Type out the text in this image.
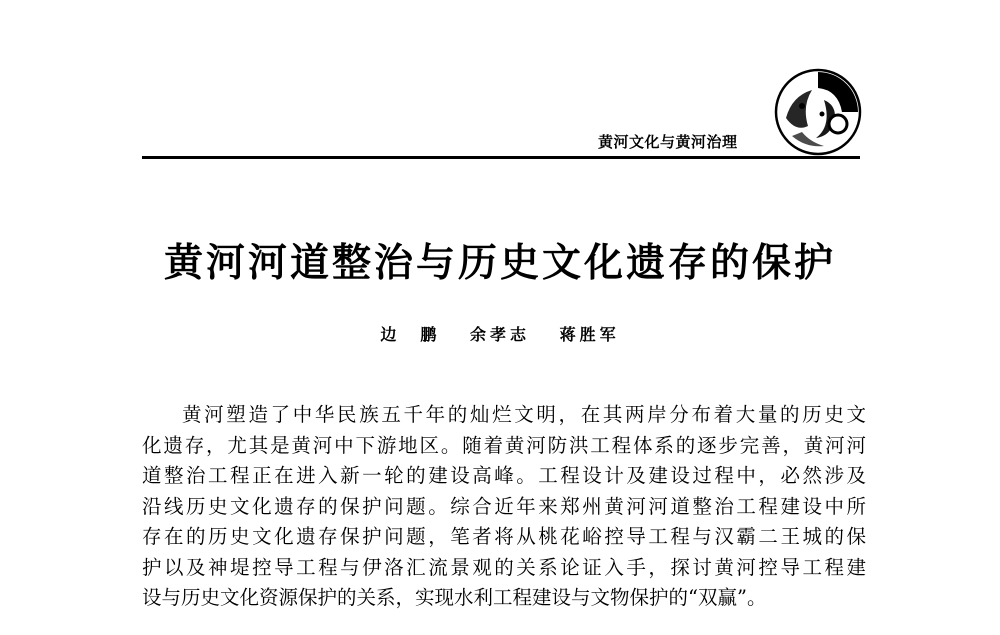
黄河文化与黄河治理
黄河河道整治与历史文化遗存的保护
边　鹏 余孝志 蒋胜军
黄河塑造了中华民族五千年的灿烂文明，在其两岸分布着大量的历史文
化遗存，尤其是黄河中下游地区。随着黄河防洪工程体系的逐步完善，黄河河
道整治工程正在进入新一轮的建设高峰。工程设计及建设过程中，必然涉及
沿线历史文化遗存的保护问题。综合近年来郑州黄河河道整治工程建设中所
存在的历史文化遗存保护问题，笔者将从桃花峪控导工程与汉霸二王城的保
护以及神堤控导工程与伊洛汇流景观的关系论证入手，探讨黄河控导工程建
设与历史文化资源保护的关系，实现水利工程建设与文物保护的“双赢”。
